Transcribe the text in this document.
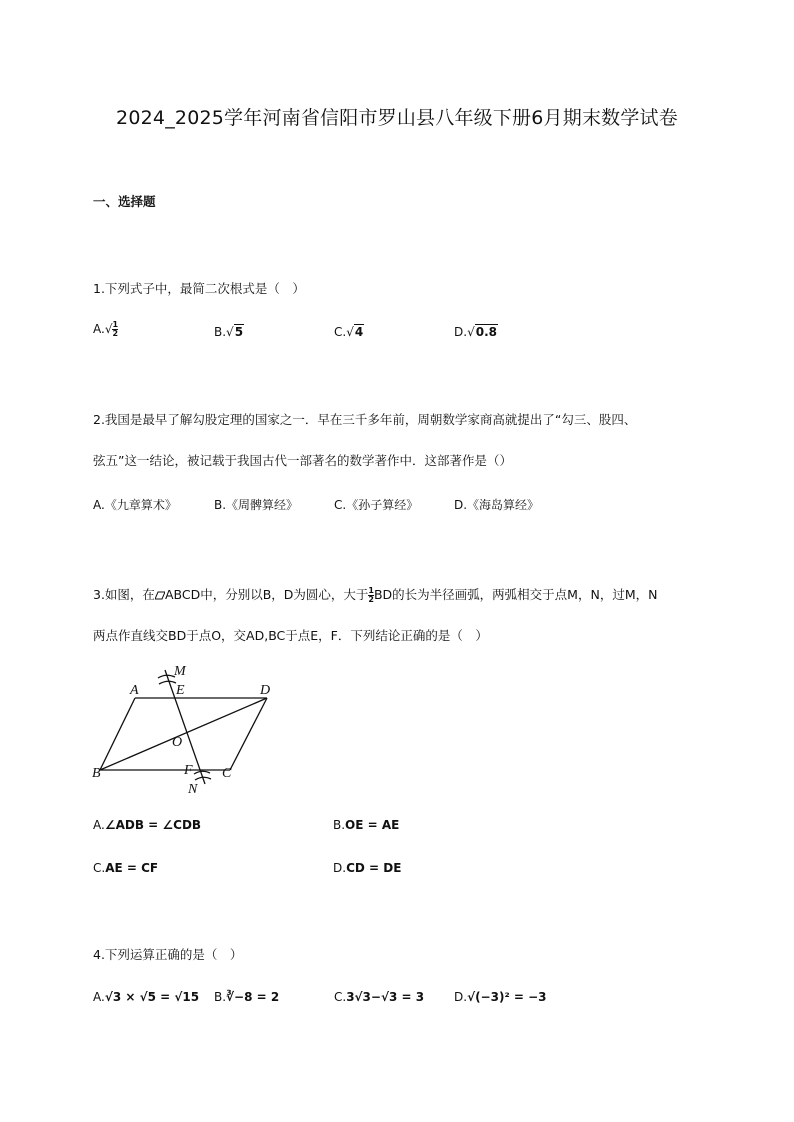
2024_2025学年河南省信阳市罗山县八年级下册6月期末数学试卷
一、选择题
1.下列式子中，最简二次根式是（　）
$A.√ \frac{1}{2}$	B.√5	C.√4	D.√0.8
2.我国是最早了解勾股定理的国家之一．早在三千多年前，周朝数学家商高就提出了“勾三、股四、
弦五”这一结论，被记载于我国古代一部著名的数学著作中．这部著作是（）
A.《九章算术》	B.《周髀算经》	C.《孙子算经》	D.《海岛算经》
3.如图，在 ABCD中，分别以B，D为圆心，大于 $\frac{1}{2}$ BD的长为半径画弧，两弧相交于点M，N，过M，N
两点作直线交BD于点O，交AD,BC于点E，F．下列结论正确的是（　）
M
A	E	D
O
B	F C
N
A.∠ADB = ∠CDB	B.OE = AE
C.AE = CF	D.CD = DE
4.下列运算正确的是（　）
A.√3 × √5 = √15 B.∛−8 = 2	C.3√3−√3 = 3 D.√(−3)² = −3
